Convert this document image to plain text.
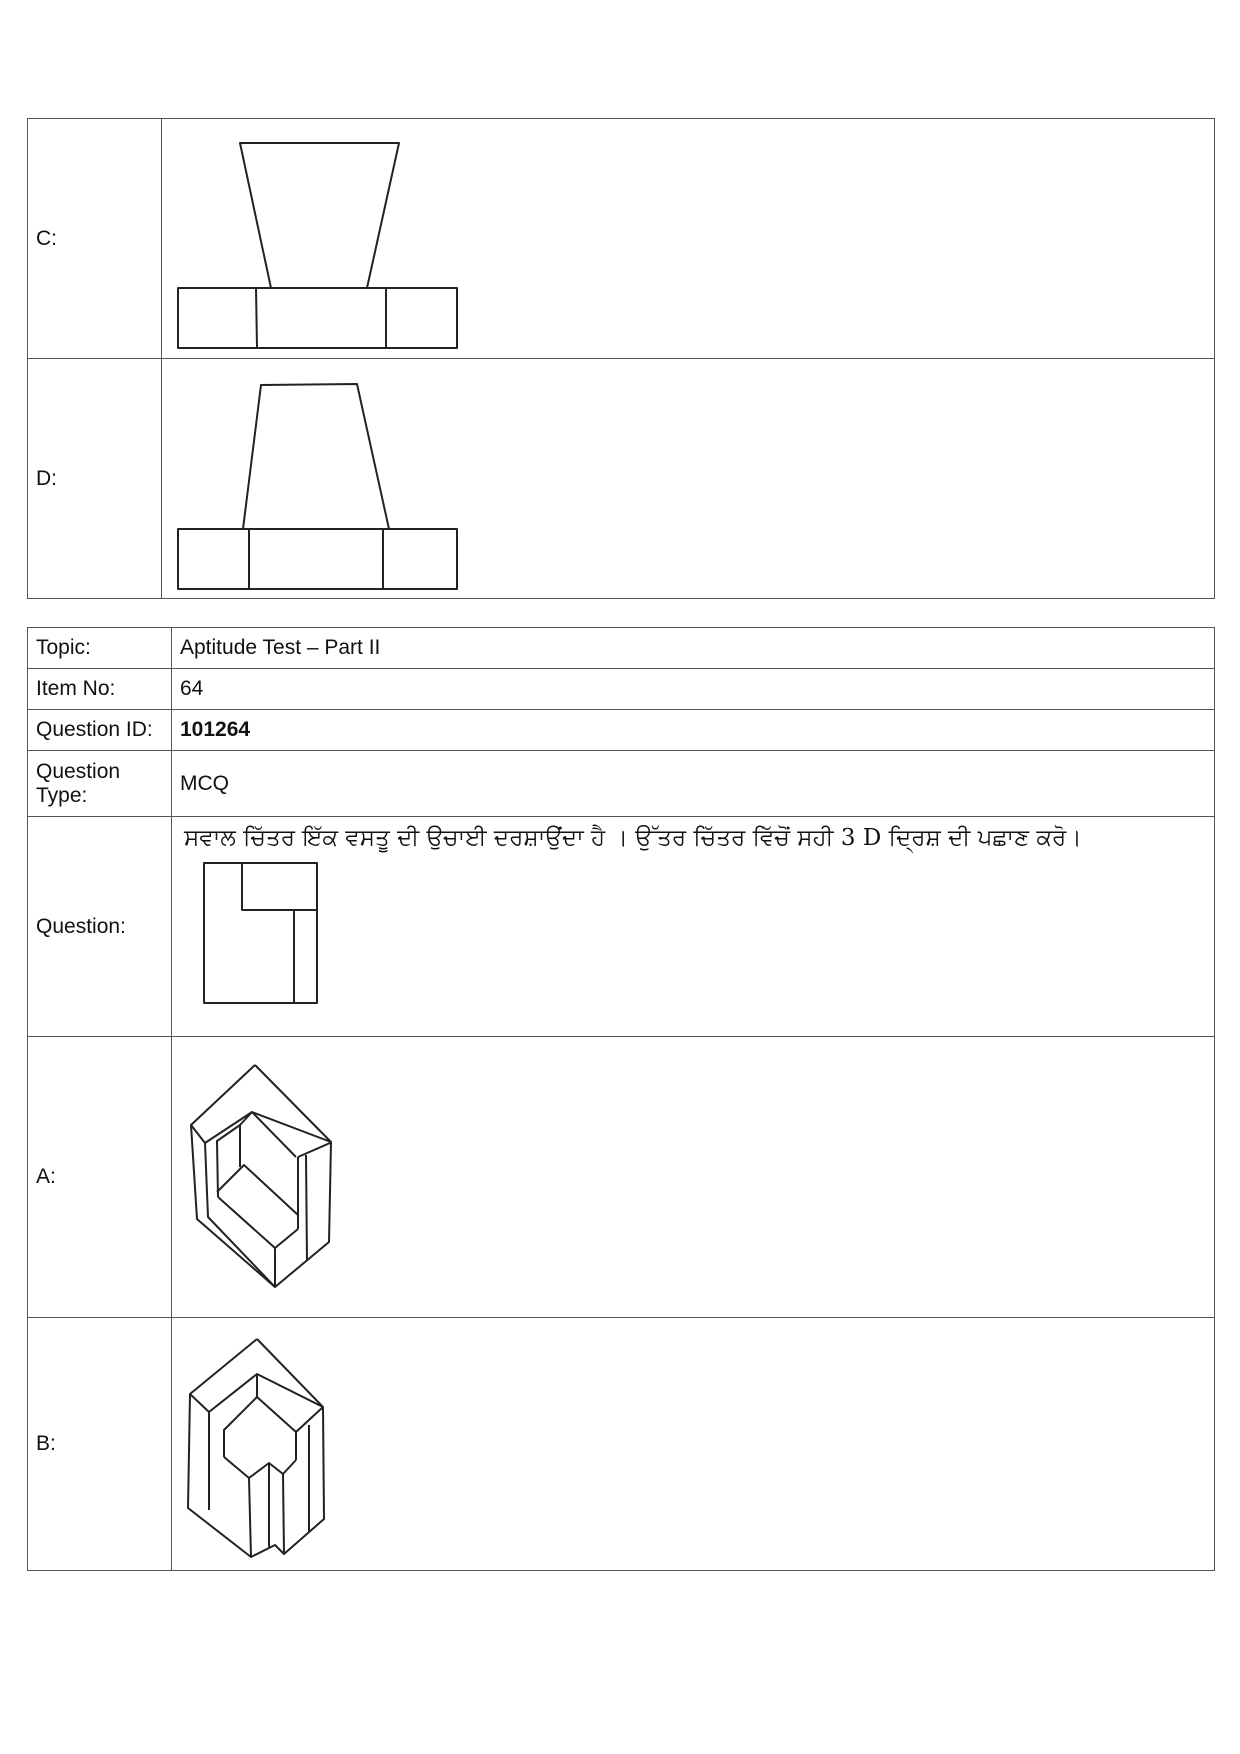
C:	

D:	
Topic:	Aptitude Test – Part II
Item No:	64
Question ID:	101264
Question Type:	MCQ
Question:	ਸਵਾਲ ਚਿੱਤਰ ਇੱਕ ਵਸਤੂ ਦੀ ਉਚਾਈ ਦਰਸ਼ਾਉਂਦਾ ਹੈ । ਉੱਤਰ ਚਿੱਤਰ ਵਿੱਚੋਂ ਸਹੀ 3 D ਦ੍ਰਿਸ਼ ਦੀ ਪਛਾਣ ਕਰੋ।

A:	

B:	
